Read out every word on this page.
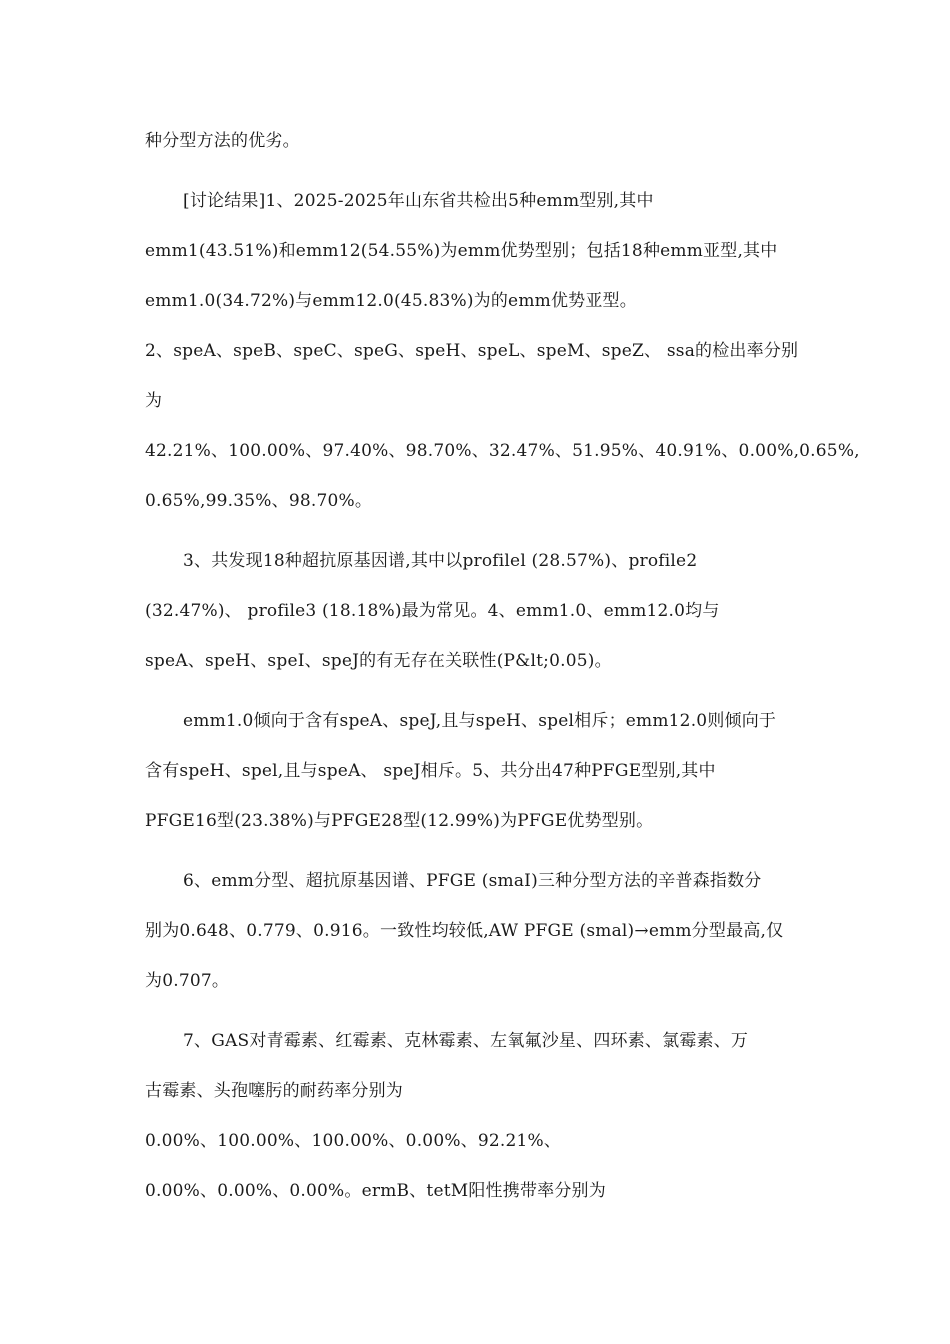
种分型方法的优劣。
[讨论结果]1、2025-2025年山东省共检出5种emm型别,其中
emm1(43.51%)和emm12(54.55%)为emm优势型别；包括18种emm亚型,其中
emm1.0(34.72%)与emm12.0(45.83%)为的emm优势亚型。
2、speA、speB、speC、speG、speH、speL、speM、speZ、 ssa的检出率分别
为
42.21%、100.00%、97.40%、98.70%、32.47%、51.95%、40.91%、0.00%,0.65%,
0.65%,99.35%、98.70%。
3、共发现18种超抗原基因谱,其中以profilel (28.57%)、profile2
(32.47%)、 profile3 (18.18%)最为常见。4、emm1.0、emm12.0均与
speA、speH、speI、speJ的有无存在关联性(P&lt;0.05)。
emm1.0倾向于含有speA、speJ,且与speH、spel相斥；emm12.0则倾向于
含有speH、spel,且与speA、 speJ相斥。5、共分出47种PFGE型别,其中
PFGE16型(23.38%)与PFGE28型(12.99%)为PFGE优势型别。
6、emm分型、超抗原基因谱、PFGE (smaⅠ)三种分型方法的辛普森指数分
别为0.648、0.779、0.916。一致性均较低,AW PFGE (smal)→emm分型最高,仅
为0.707。
7、GAS对青霉素、红霉素、克林霉素、左氧氟沙星、四环素、氯霉素、万
古霉素、头孢噻肟的耐药率分别为
0.00%、100.00%、100.00%、0.00%、92.21%、
0.00%、0.00%、0.00%。ermB、tetM阳性携带率分别为
